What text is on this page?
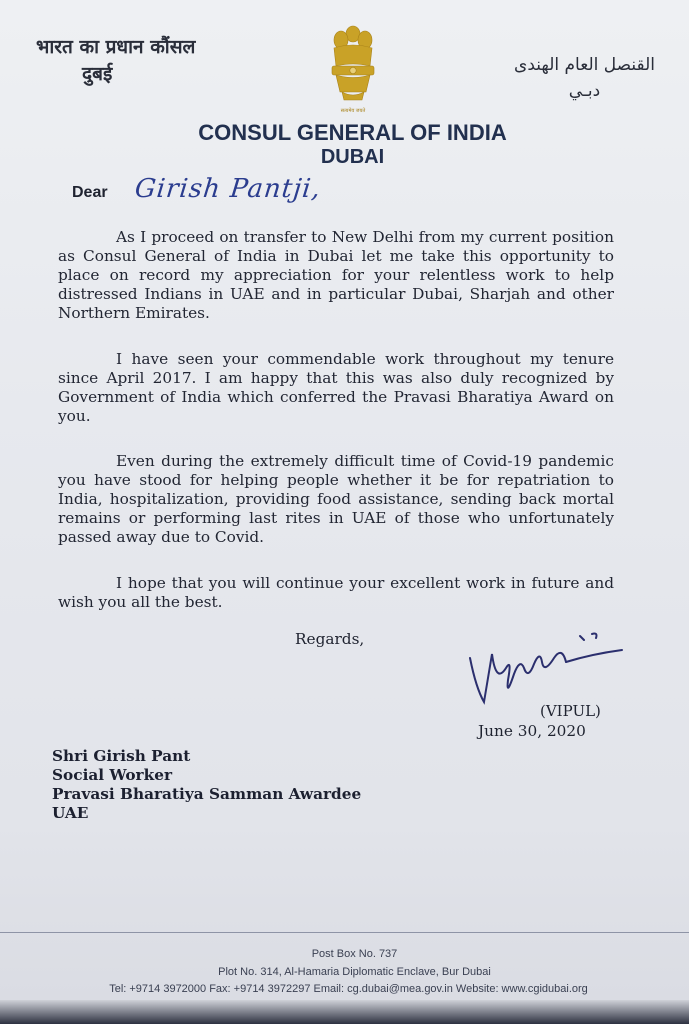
भारत का प्रधान कौंसल
दुबई
सत्यमेव जयते
القنصل العام الهندى
دبـي
CONSUL GENERAL OF INDIA
DUBAI
Dear Girish Pantji,

As I proceed on transfer to New Delhi from my current position as Consul General of India in Dubai let me take this opportunity to place on record my appreciation for your relentless work to help distressed Indians in UAE and in particular Dubai, Sharjah and other Northern Emirates.

I have seen your commendable work throughout my tenure since April 2017. I am happy that this was also duly recognized by Government of India which conferred the Pravasi Bharatiya Award on you.

Even during the extremely difficult time of Covid-19 pandemic you have stood for helping people whether it be for repatriation to India, hospitalization, providing food assistance, sending back mortal remains or performing last rites in UAE of those who unfortunately passed away due to Covid.

I hope that you will continue your excellent work in future and wish you all the best.

Regards,
(VIPUL)
June 30, 2020
Shri Girish Pant
Social Worker
Pravasi Bharatiya Samman Awardee
UAE
Post Box No. 737
Plot No. 314, Al-Hamaria Diplomatic Enclave, Bur Dubai
Tel: +9714 3972000 Fax: +9714 3972297 Email: cg.dubai@mea.gov.in Website: www.cgidubai.org
